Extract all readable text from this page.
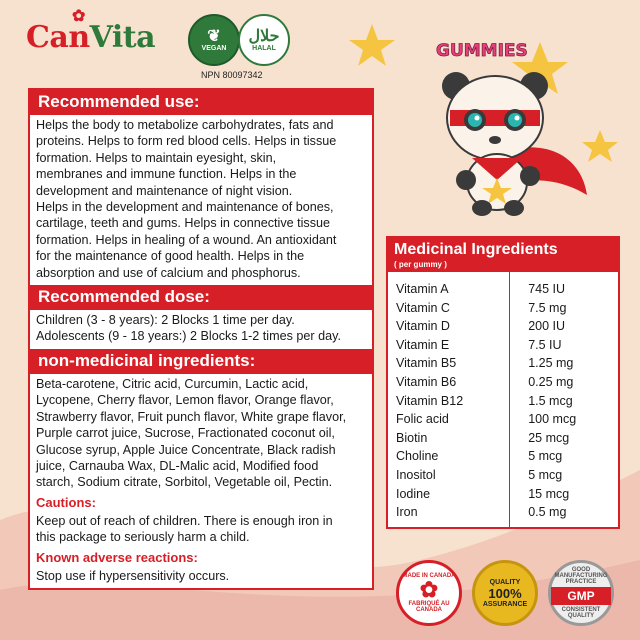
✿
CanVita	❦
VEGAN
حلال
HALAL
NPN 80097342
GUMMIES
Recommended use:
Helps the body to metabolize carbohydrates, fats and
proteins. Helps to form red blood cells. Helps in tissue
formation. Helps to maintain eyesight, skin,
membranes and immune function. Helps in the
development and maintenance of night vision.
Helps in the development and maintenance of bones,
cartilage, teeth and gums. Helps in connective tissue
formation. Helps in healing of a wound. An antioxidant
for the maintenance of good health. Helps in the
absorption and use of calcium and phosphorus.
Recommended dose:
Children (3 - 8 years): 2 Blocks 1 time per day.
Adolescents (9 - 18 years:) 2 Blocks 1-2 times per day.
non-medicinal ingredients:
Beta-carotene, Citric acid, Curcumin, Lactic acid,
Lycopene, Cherry flavor, Lemon flavor, Orange flavor,
Strawberry flavor, Fruit punch flavor, White grape flavor,
Purple carrot juice, Sucrose, Fractionated coconut oil,
Glucose syrup, Apple Juice Concentrate, Black radish
juice, Carnauba Wax, DL-Malic acid, Modified food
starch, Sodium citrate, Sorbitol, Vegetable oil, Pectin.
Cautions:
Keep out of reach of children. There is enough iron in
this package to seriously harm a child.
Known adverse reactions:
Stop use if hypersensitivity occurs.
Medicinal Ingredients
( per gummy )
Vitamin A	745 IU
Vitamin C	7.5 mg
Vitamin D	200 IU
Vitamin E	7.5 IU
Vitamin B5	1.25 mg
Vitamin B6	0.25 mg
Vitamin B12	1.5 mcg
Folic acid	100 mcg
Biotin	25 mcg
Choline	5 mcg
Inositol	5 mcg
Iodine	15 mcg
Iron	0.5 mg
MADE IN CANADA
✿
FABRIQUÉ AU CANADA
QUALITY
100%
ASSURANCE
GOOD MANUFACTURING PRACTICE
GMP
CONSISTENT QUALITY
